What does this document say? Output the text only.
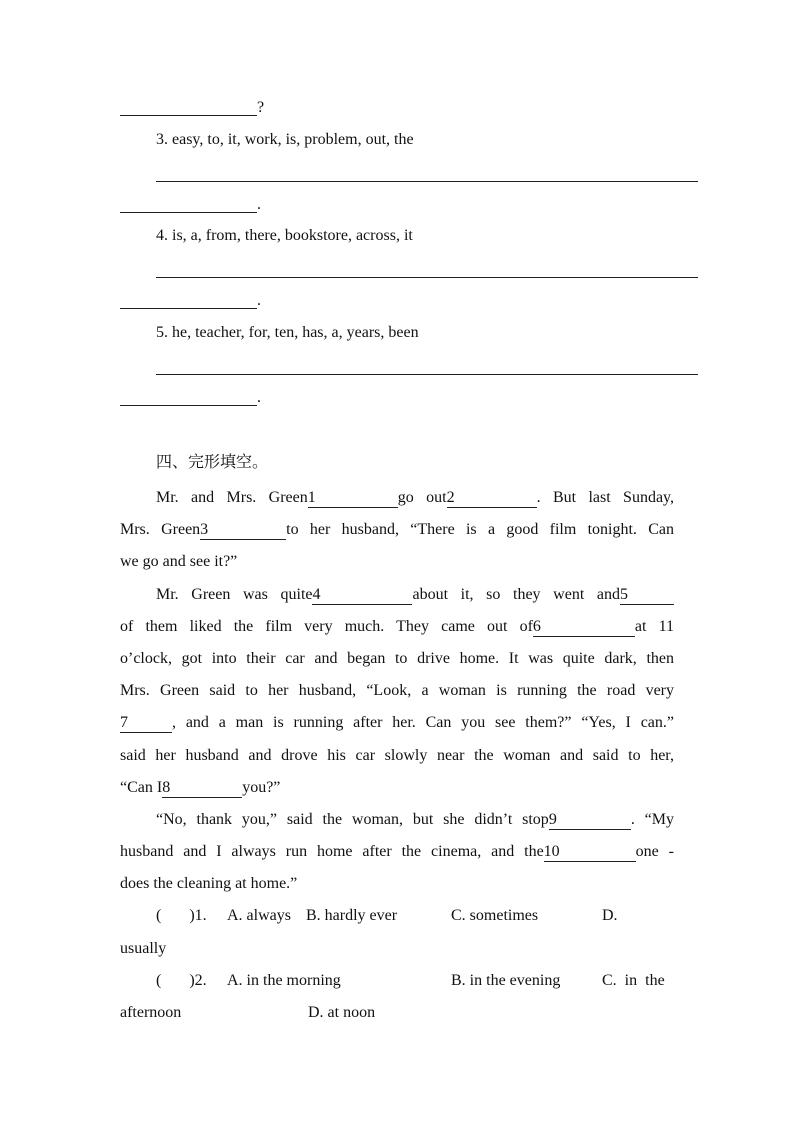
?
3. easy, to, it, work, is, problem, out, the
.
4. is, a, from, there, bookstore, across, it
.
5. he, teacher, for, ten, has, a, years, been
.
四、完形填空。
Mr. and Mrs. Green1	go out2	. But last Sunday,
Mrs. Green3	to her husband, “There is a good film tonight. Can
we go and see it?”
Mr. Green was quite4	about it, so they went and5
of them liked the film very much. They came out of6	at 11
o’clock, got into their car and began to drive home. It was quite dark, then
Mrs. Green said to her husband, “Look, a woman is running the road very
7	, and a man is running after her. Can you see them?” “Yes, I can.”
said her husband and drove his car slowly near the woman and said to her,
“Can I8	you?”
“No, thank you,” said the woman, but she didn’t stop9	. “My
husband and I always run home after the cinema, and the10	one -
does the cleaning at home.”
( )1. A. always B. hardly ever	C. sometimes	D.
usually
( )2. A. in the morning	B. in the evening	C.  in  the
afternoon	D. at noon
